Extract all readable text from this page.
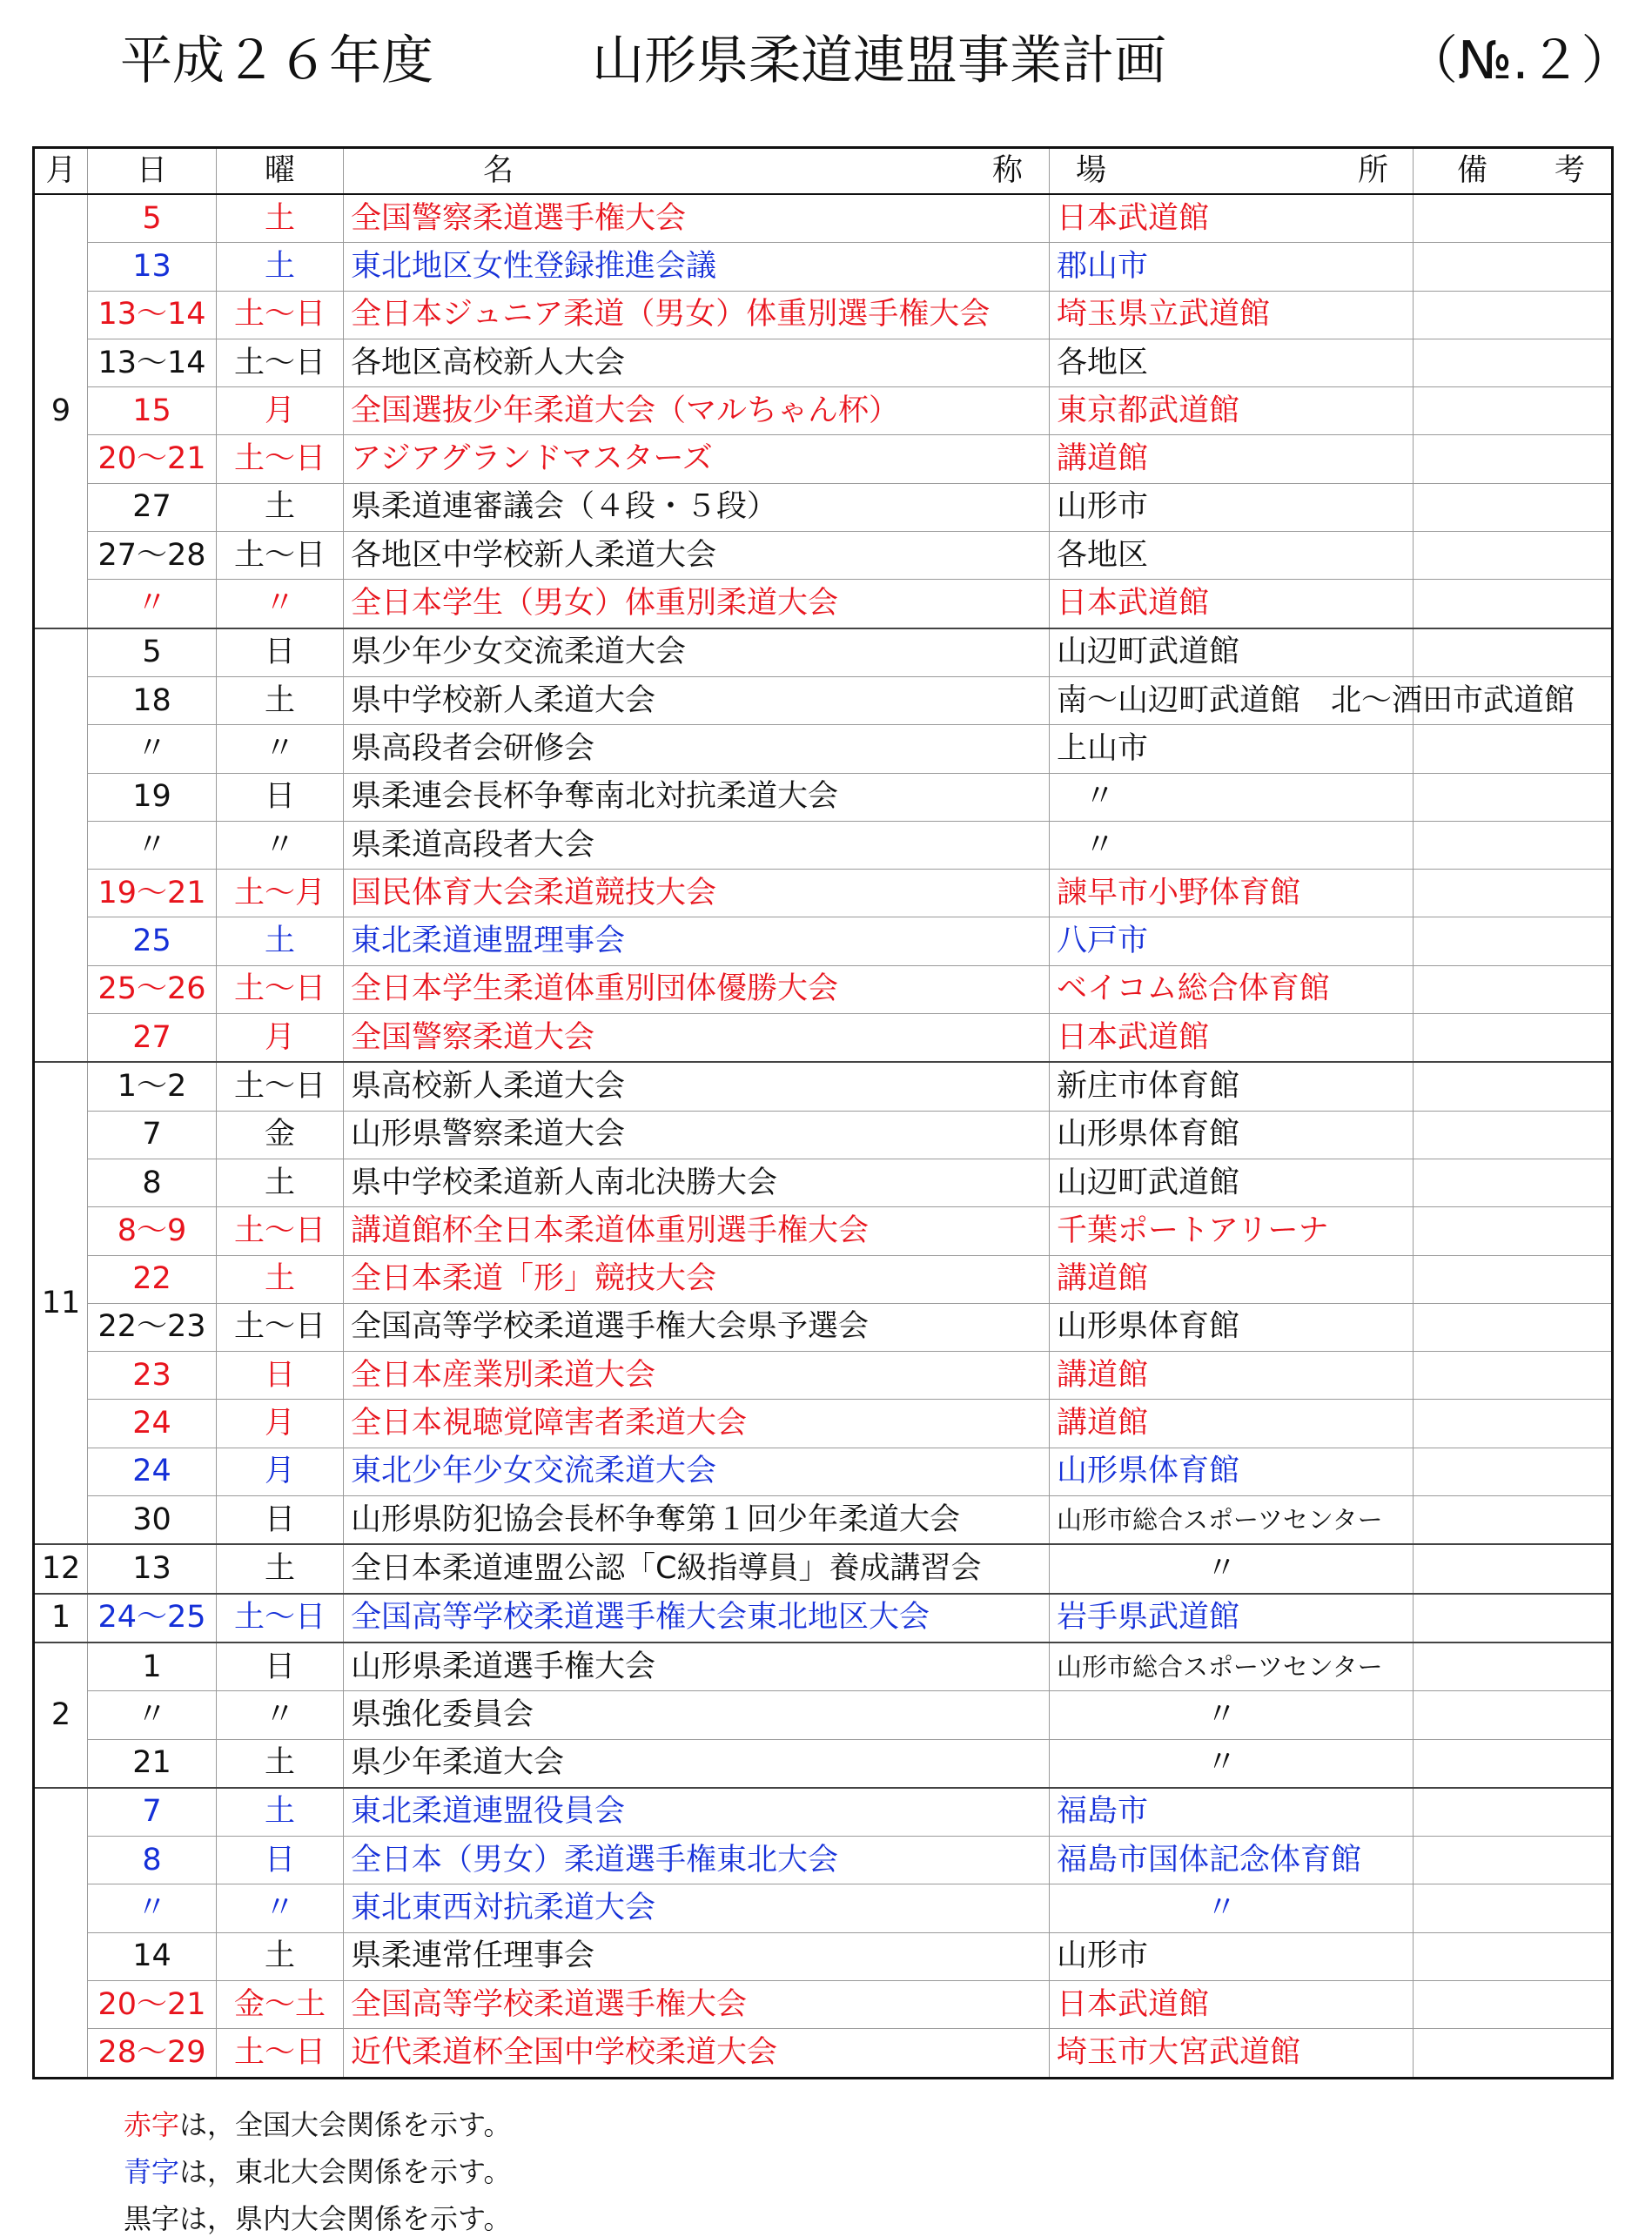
平成２６年度	山形県柔道連盟事業計画	（№.２）
月	日	曜	名 称	場 所	備 考

9	5	土	全国警察柔道選手権大会	日本武道館	
	13	土	東北地区女性登録推進会議	郡山市	
	13〜14	土〜日	全日本ジュニア柔道（男女）体重別選手権大会	埼玉県立武道館	
	13〜14	土〜日	各地区高校新人大会	各地区	
	15	月	全国選抜少年柔道大会（マルちゃん杯）	東京都武道館	
	20〜21	土〜日	アジアグランドマスターズ	講道館	
	27	土	県柔道連審議会（４段・５段）	山形市	
	27〜28	土〜日	各地区中学校新人柔道大会	各地区	
	〃	〃	全日本学生（男女）体重別柔道大会	日本武道館	
	5	日	県少年少女交流柔道大会	山辺町武道館	
	18	土	県中学校新人柔道大会	南〜山辺町武道館　北〜酒田市武道館	
	〃	〃	県高段者会研修会	上山市	
	19	日	県柔連会長杯争奪南北対抗柔道大会	〃	
	〃	〃	県柔道高段者大会	〃	
	19〜21	土〜月	国民体育大会柔道競技大会	諫早市小野体育館	
	25	土	東北柔道連盟理事会	八戸市	
	25〜26	土〜日	全日本学生柔道体重別団体優勝大会	ベイコム総合体育館	
	27	月	全国警察柔道大会	日本武道館	
11	1〜2	土〜日	県高校新人柔道大会	新庄市体育館	
	7	金	山形県警察柔道大会	山形県体育館	
	8	土	県中学校柔道新人南北決勝大会	山辺町武道館	
	8〜9	土〜日	講道館杯全日本柔道体重別選手権大会	千葉ポートアリーナ	
	22	土	全日本柔道「形」競技大会	講道館	
	22〜23	土〜日	全国高等学校柔道選手権大会県予選会	山形県体育館	
	23	日	全日本産業別柔道大会	講道館	
	24	月	全日本視聴覚障害者柔道大会	講道館	
	24	月	東北少年少女交流柔道大会	山形県体育館	
	30	日	山形県防犯協会長杯争奪第１回少年柔道大会	山形市総合スポーツセンター	
12	13	土	全日本柔道連盟公認「C級指導員」養成講習会	〃	
1	24〜25	土〜日	全国高等学校柔道選手権大会東北地区大会	岩手県武道館	
2	1	日	山形県柔道選手権大会	山形市総合スポーツセンター	
	〃	〃	県強化委員会	〃	
	21	土	県少年柔道大会	〃	
	7	土	東北柔道連盟役員会	福島市	
	8	日	全日本（男女）柔道選手権東北大会	福島市国体記念体育館	
	〃	〃	東北東西対抗柔道大会	〃	
	14	土	県柔連常任理事会	山形市	
	20〜21	金〜土	全国高等学校柔道選手権大会	日本武道館	
	28〜29	土〜日	近代柔道杯全国中学校柔道大会	埼玉市大宮武道館	
赤字は，全国大会関係を示す。
青字は，東北大会関係を示す。
黒字は，県内大会関係を示す。
